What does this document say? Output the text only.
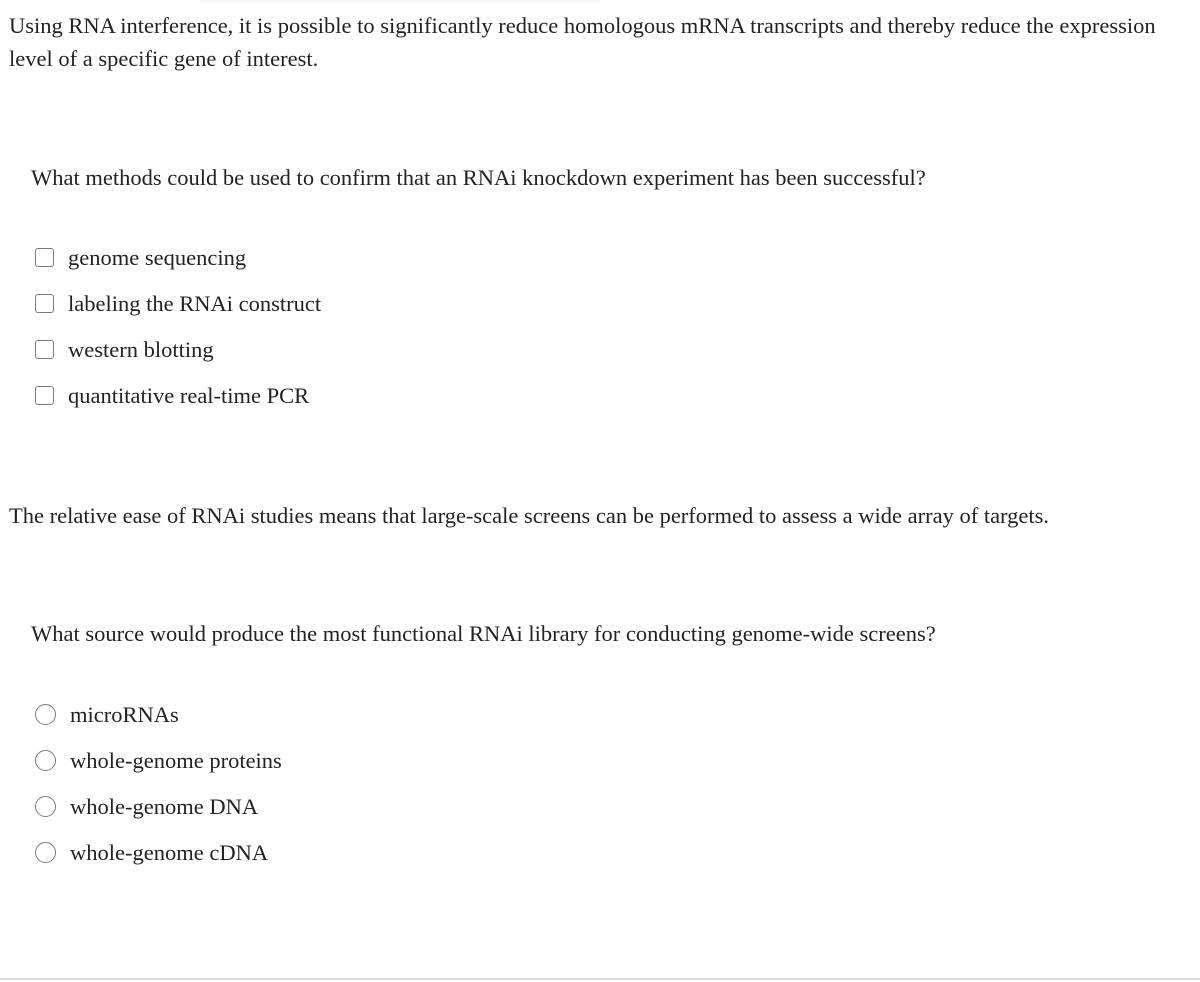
Using RNA interference, it is possible to significantly reduce homologous mRNA transcripts and thereby reduce the expression level of a specific gene of interest.

What methods could be used to confirm that an RNAi knockdown experiment has been successful?

genome sequencing
labeling the RNAi construct
western blotting
quantitative real-time PCR

The relative ease of RNAi studies means that large-scale screens can be performed to assess a wide array of targets.

What source would produce the most functional RNAi library for conducting genome-wide screens?

microRNAs
whole-genome proteins
whole-genome DNA
whole-genome cDNA
